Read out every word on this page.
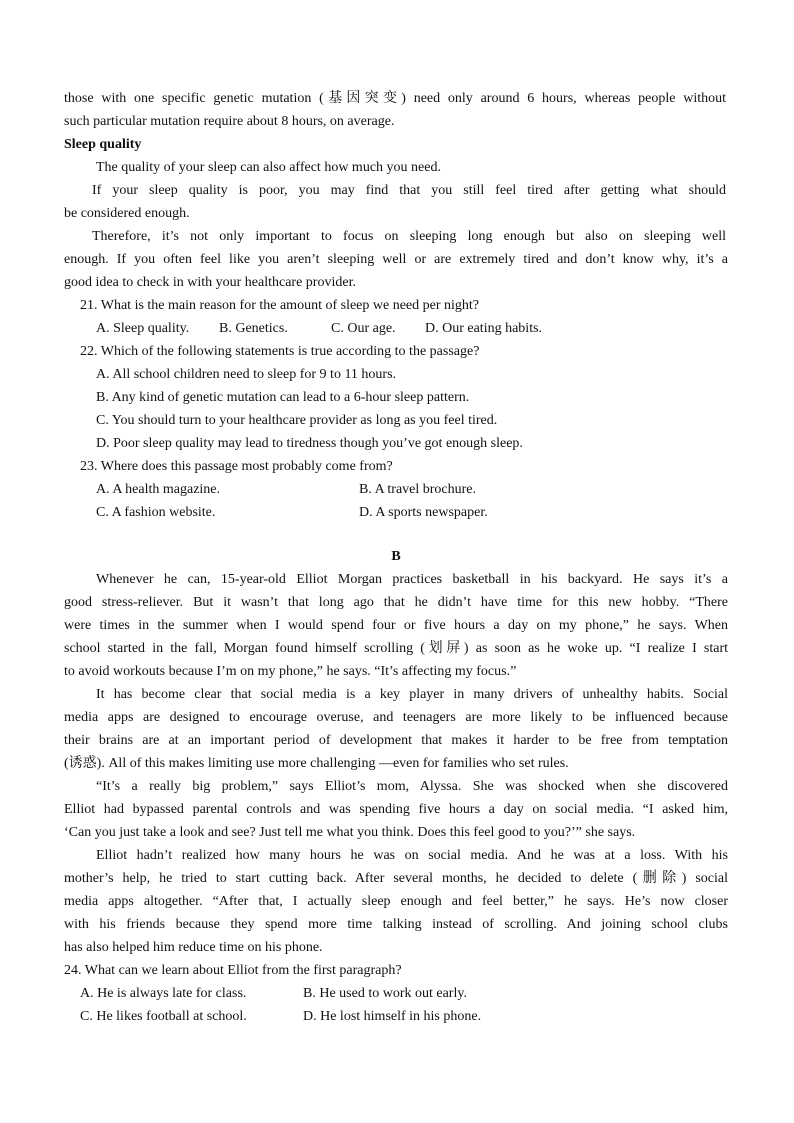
those with one specific genetic mutation (基因突变) need only around 6 hours, whereas people without
such particular mutation require about 8 hours, on average.
Sleep quality
The quality of your sleep can also affect how much you need.
If your sleep quality is poor, you may find that you still feel tired after getting what should
be considered enough.
Therefore, it’s not only important to focus on sleeping long enough but also on sleeping well
enough. If you often feel like you aren’t sleeping well or are extremely tired and don’t know why, it’s a
good idea to check in with your healthcare provider.
21. What is the main reason for the amount of sleep we need per night?
A. Sleep quality. B. Genetics.	C. Our age. D. Our eating habits.
22. Which of the following statements is true according to the passage?
A. All school children need to sleep for 9 to 11 hours.
B. Any kind of genetic mutation can lead to a 6-hour sleep pattern.
C. You should turn to your healthcare provider as long as you feel tired.
D. Poor sleep quality may lead to tiredness though you’ve got enough sleep.
23. Where does this passage most probably come from?
A. A health magazine.	B. A travel brochure.
C. A fashion website.	D. A sports newspaper.
B
Whenever he can, 15-year-old Elliot Morgan practices basketball in his backyard. He says it’s a
good stress-reliever. But it wasn’t that long ago that he didn’t have time for this new hobby. “There
were times in the summer when I would spend four or five hours a day on my phone,” he says. When
school started in the fall, Morgan found himself scrolling (划屏) as soon as he woke up. “I realize I start
to avoid workouts because I’m on my phone,” he says. “It’s affecting my focus.”
It has become clear that social media is a key player in many drivers of unhealthy habits. Social
media apps are designed to encourage overuse, and teenagers are more likely to be influenced because
their brains are at an important period of development that makes it harder to be free from temptation
(诱惑). All of this makes limiting use more challenging —even for families who set rules.
“It’s a really big problem,” says Elliot’s mom, Alyssa. She was shocked when she discovered
Elliot had bypassed parental controls and was spending five hours a day on social media. “I asked him,
‘Can you just take a look and see? Just tell me what you think. Does this feel good to you?’” she says.
Elliot hadn’t realized how many hours he was on social media. And he was at a loss. With his
mother’s help, he tried to start cutting back. After several months, he decided to delete (删除) social
media apps altogether. “After that, I actually sleep enough and feel better,” he says. He’s now closer
with his friends because they spend more time talking instead of scrolling. And joining school clubs
has also helped him reduce time on his phone.
24. What can we learn about Elliot from the first paragraph?
A. He is always late for class.	B. He used to work out early.
C. He likes football at school.	D. He lost himself in his phone.
